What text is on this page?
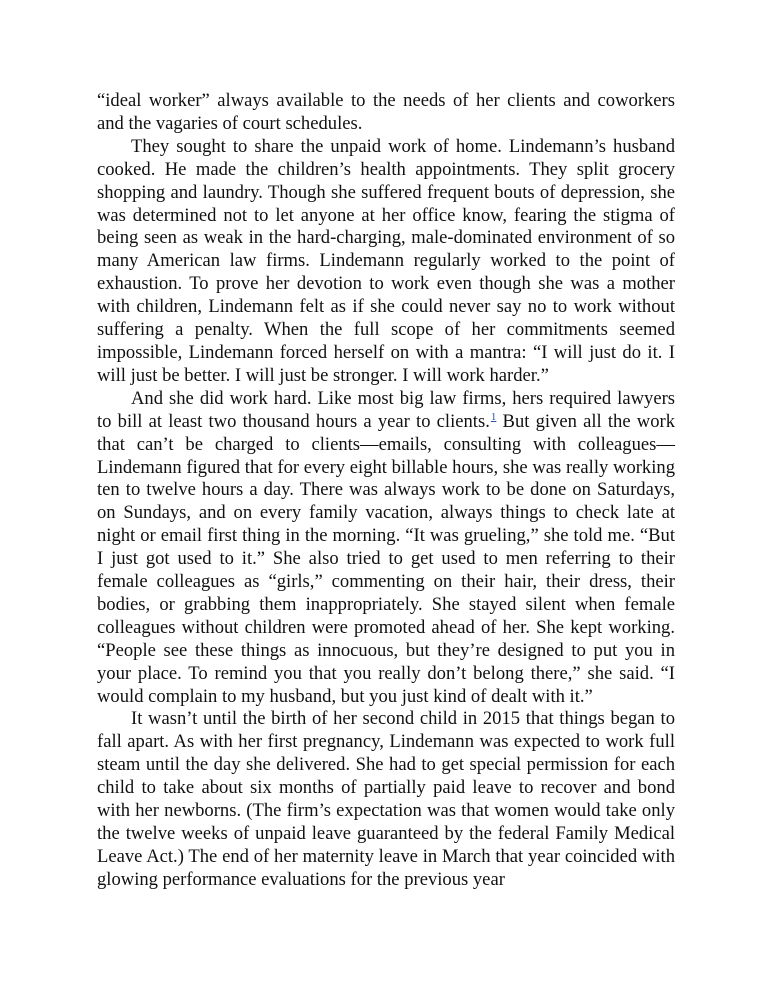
“ideal worker” always available to the needs of her clients and coworkers and the vagaries of court schedules.

They sought to share the unpaid work of home. Lindemann’s husband cooked. He made the children’s health appointments. They split grocery shopping and laundry. Though she suffered frequent bouts of depression, she was determined not to let anyone at her office know, fearing the stigma of being seen as weak in the hard-charging, male-dominated environment of so many American law firms. Lindemann regularly worked to the point of exhaustion. To prove her devotion to work even though she was a mother with children, Lindemann felt as if she could never say no to work without suffering a penalty. When the full scope of her commitments seemed impossible, Lindemann forced herself on with a mantra: “I will just do it. I will just be better. I will just be stronger. I will work harder.”

And she did work hard. Like most big law firms, hers required lawyers to bill at least two thousand hours a year to clients.$^1$ But given all the work that can’t be charged to clients—emails, consulting with colleagues—Lindemann figured that for every eight billable hours, she was really working ten to twelve hours a day. There was always work to be done on Saturdays, on Sundays, and on every family vacation, always things to check late at night or email first thing in the morning. “It was grueling,” she told me. “But I just got used to it.” She also tried to get used to men referring to their female colleagues as “girls,” commenting on their hair, their dress, their bodies, or grabbing them inappropriately. She stayed silent when female colleagues without children were promoted ahead of her. She kept working. “People see these things as innocuous, but they’re designed to put you in your place. To remind you that you really don’t belong there,” she said. “I would complain to my husband, but you just kind of dealt with it.”

It wasn’t until the birth of her second child in 2015 that things began to fall apart. As with her first pregnancy, Lindemann was expected to work full steam until the day she delivered. She had to get special permission for each child to take about six months of partially paid leave to recover and bond with her newborns. (The firm’s expectation was that women would take only the twelve weeks of unpaid leave guaranteed by the federal Family Medical Leave Act.) The end of her maternity leave in March that year coincided with glowing performance evaluations for the previous year
